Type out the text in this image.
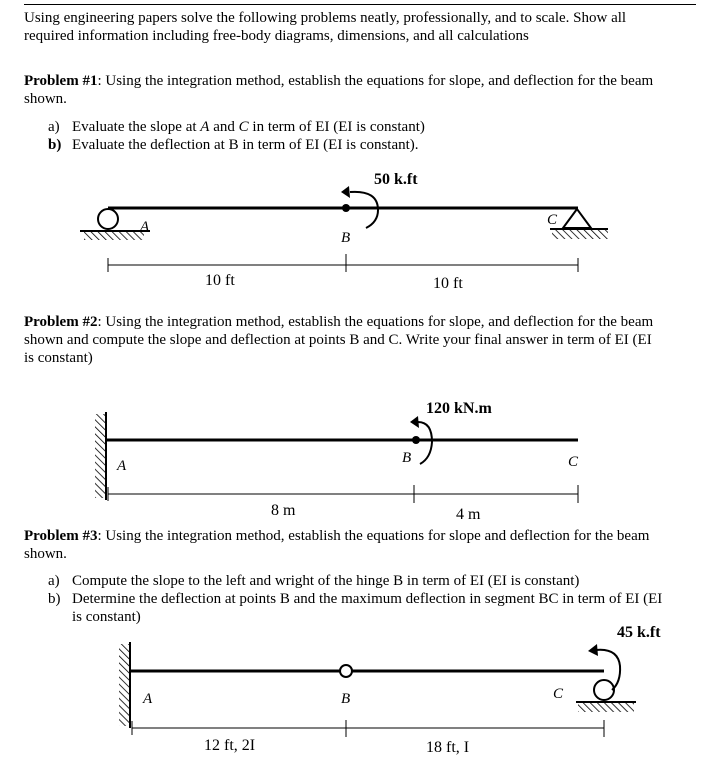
Using engineering papers solve the following problems neatly, professionally, and to scale. Show all
required information including free-body diagrams, dimensions, and all calculations
Problem #1: Using the integration method, establish the equations for slope, and deflection for the beam
shown.
a) Evaluate the slope at A and C in term of EI (EI is constant)
b) Evaluate the deflection at B in term of EI (EI is constant).
A
B
50 k.ft
C
10 ft	10 ft
Problem #2: Using the integration method, establish the equations for slope, and deflection for the beam
shown and compute the slope and deflection at points B and C. Write your final answer in term of EI (EI
is constant)
A	B
120 kN.m
C
8 m	4 m
Problem #3: Using the integration method, establish the equations for slope and deflection for the beam
shown.
a) Compute the slope to the left and wright of the hinge B in term of EI (EI is constant)
b) Determine the deflection at points B and the maximum deflection in segment BC in term of EI (EI
is constant)
45 k.ft
A	B	C
12 ft, 2I	18 ft, I
